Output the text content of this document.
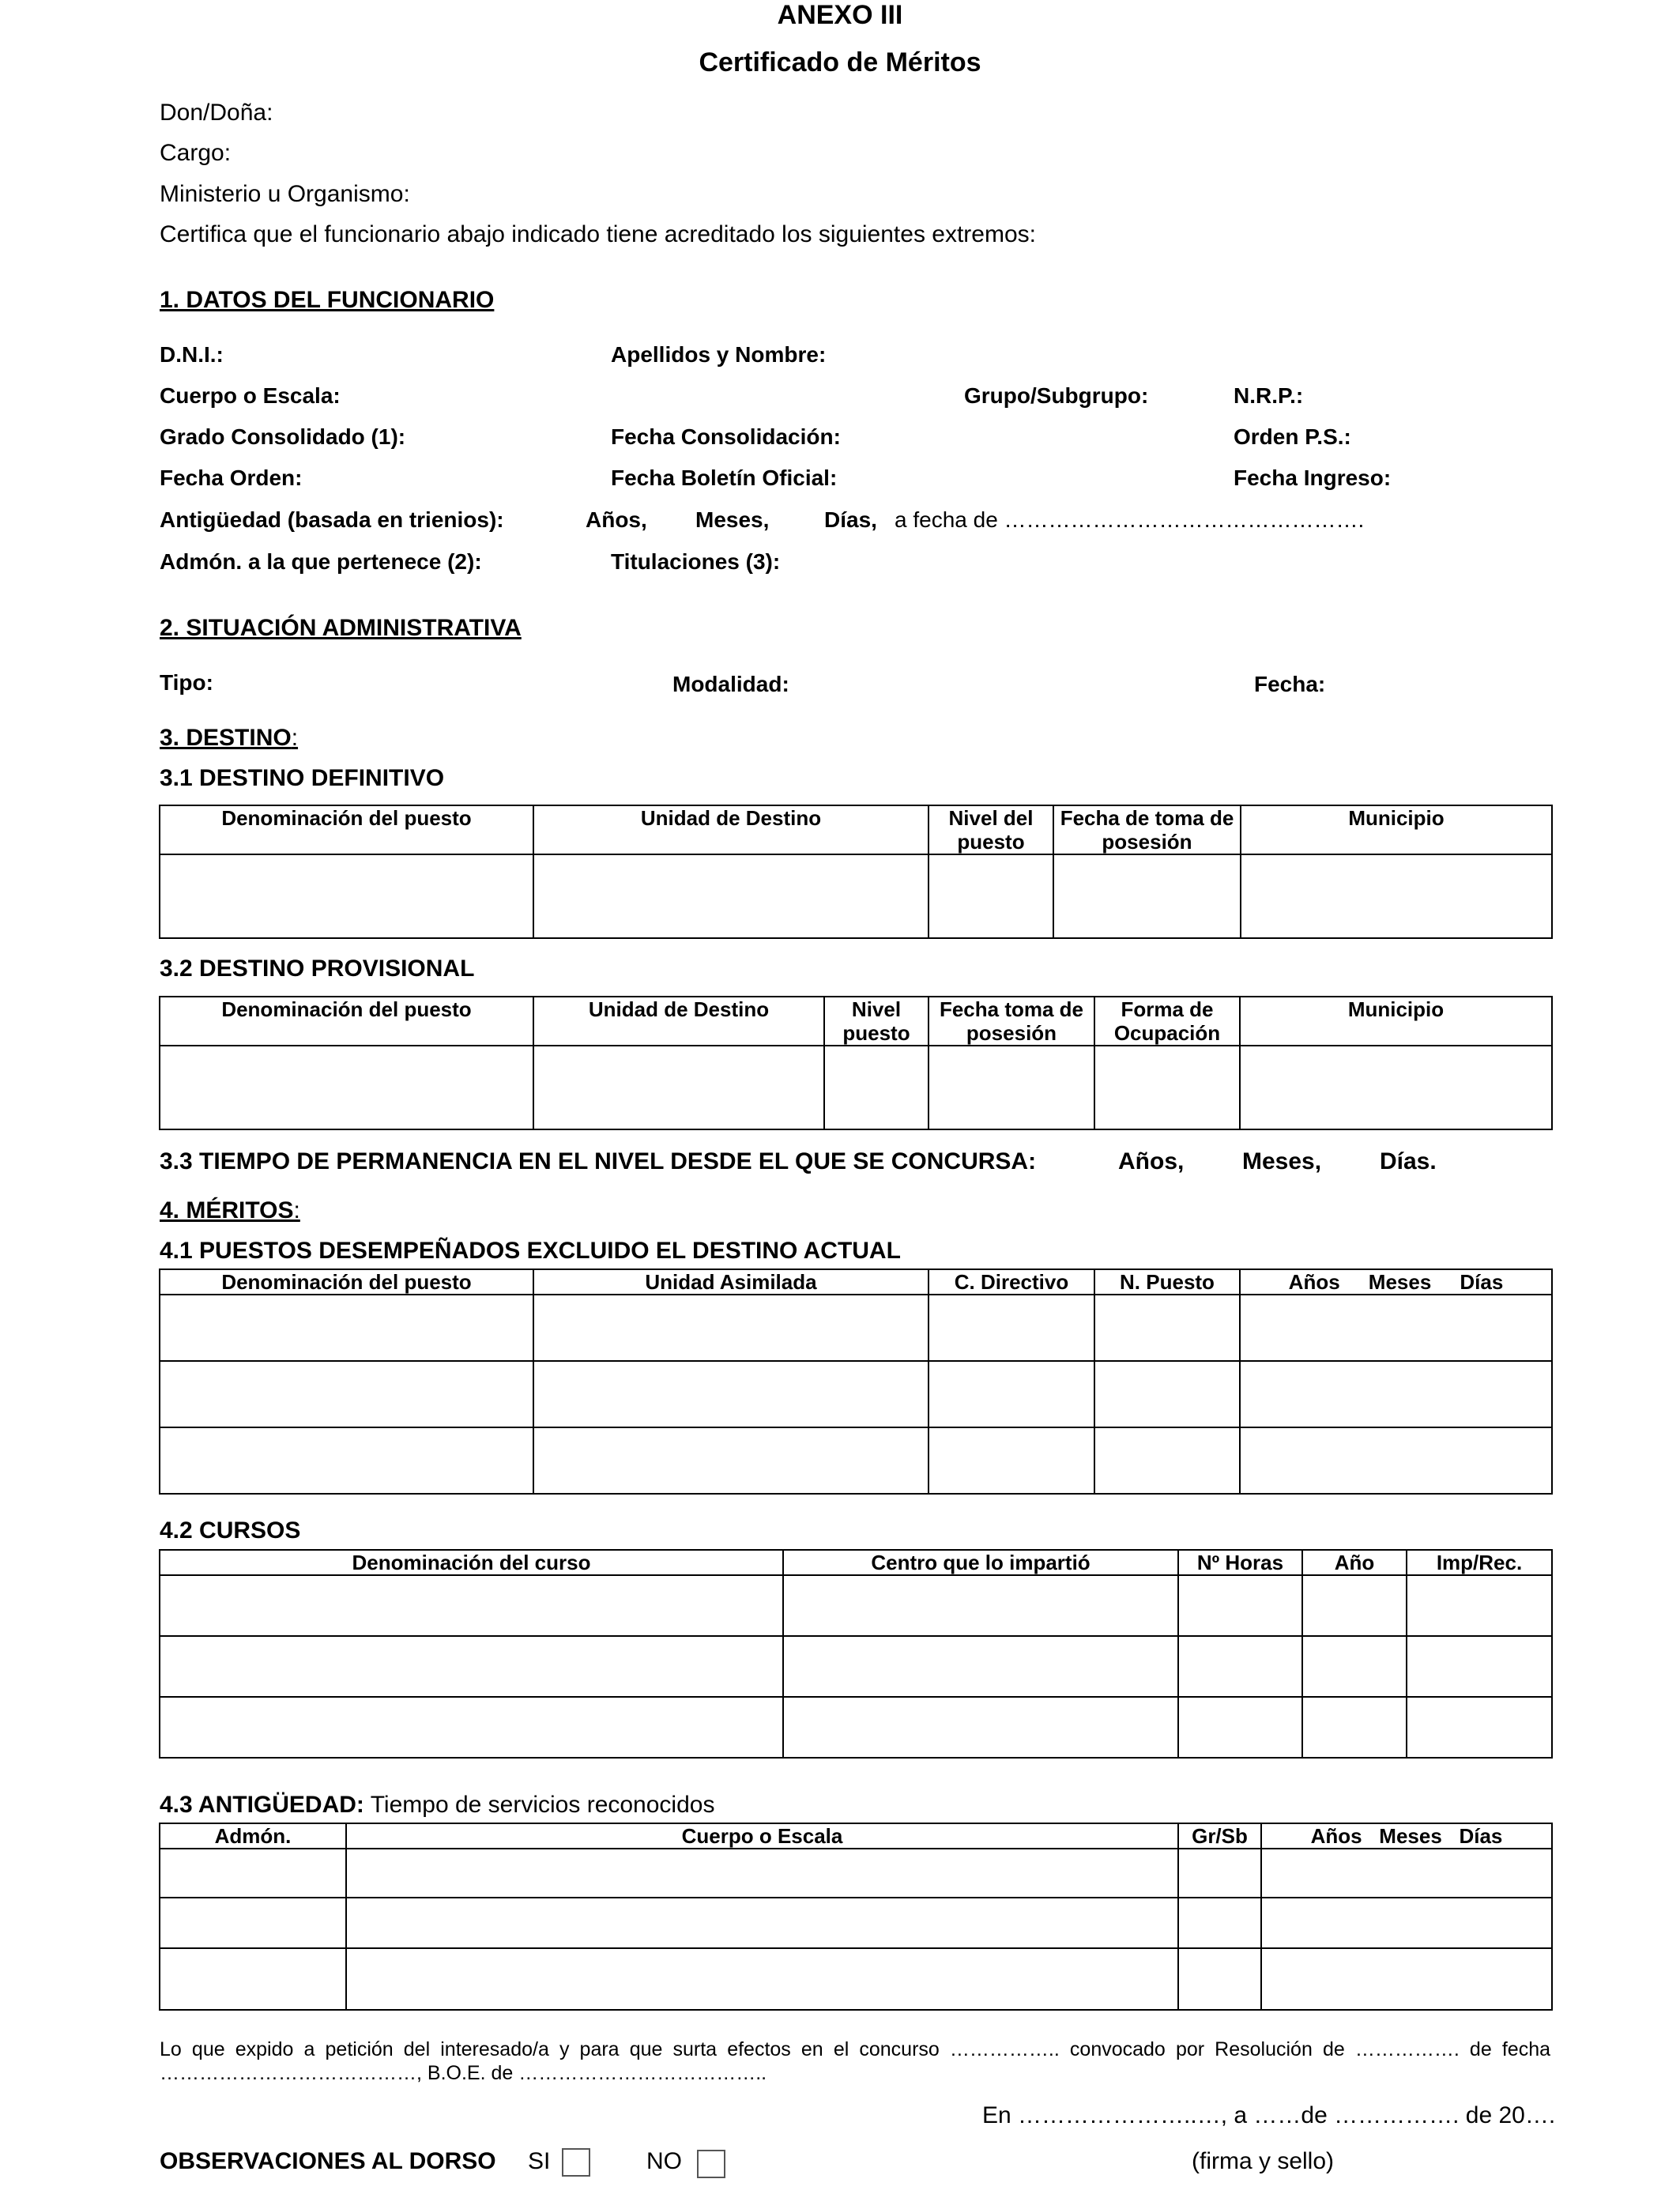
ANEXO III
Certificado de Méritos
Don/Doña:
Cargo:
Ministerio u Organismo:
Certifica que el funcionario abajo indicado tiene acreditado los siguientes extremos:
1. DATOS DEL FUNCIONARIO
D.N.I.:	Apellidos y Nombre:
Cuerpo o Escala:	Grupo/Subgrupo:	N.R.P.:
Grado Consolidado (1):	Fecha Consolidación:	Orden P.S.:
Fecha Orden:	Fecha Boletín Oficial:	Fecha Ingreso:
Antigüedad (basada en trienios):	Años, Meses, Días, a fecha de ………………………………………….
Admón. a la que pertenece (2):	Titulaciones (3):
2. SITUACIÓN ADMINISTRATIVA
Tipo:	Modalidad:	Fecha:
3. DESTINO:
3.1 DESTINO DEFINITIVO
Denominación del puesto	Unidad de Destino	Nivel del puesto	Fecha de toma de posesión	Municipio

3.2 DESTINO PROVISIONAL
Denominación del puesto	Unidad de Destino	Nivel puesto	Fecha toma de posesión	Forma de Ocupación	Municipio

3.3 TIEMPO DE PERMANENCIA EN EL NIVEL DESDE EL QUE SE CONCURSA:	Años, Meses, Días.
4. MÉRITOS:
4.1 PUESTOS DESEMPEÑADOS EXCLUIDO EL DESTINO ACTUAL
Denominación del puesto	Unidad Asimilada	C. Directivo	N. Puesto	Años     Meses     Días

4.2 CURSOS
Denominación del curso	Centro que lo impartió	Nº Horas	Año	Imp/Rec.

4.3 ANTIGÜEDAD: Tiempo de servicios reconocidos
Admón.	Cuerpo o Escala	Gr/Sb	Años   Meses   Días

Lo que expido a petición del interesado/a y para que surta efectos en el concurso …………….. convocado por Resolución de ……………. de fecha …………………………………, B.O.E. de ………………………………..
En …………………..…, a ……de ……………. de 20….
OBSERVACIONES AL DORSO SI	NO	(firma y sello)
